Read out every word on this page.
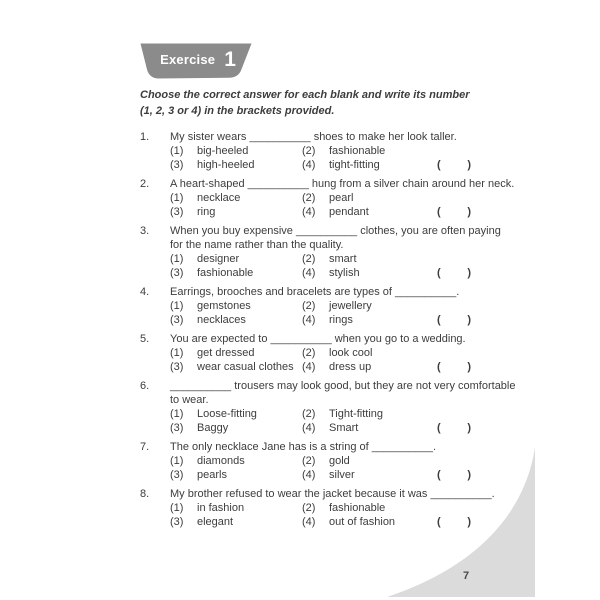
Exercise 1
Choose the correct answer for each blank and write its number
(1, 2, 3 or 4) in the brackets provided.
1.	My sister wears __________ shoes to make her look taller.
(1)	big-heeled	(2)	fashionable
(3)	high-heeled	(4)	tight-fitting	( )
2.	A heart-shaped __________ hung from a silver chain around her neck.
(1)	necklace	(2)	pearl
(3)	ring	(4)	pendant	( )
3.	When you buy expensive __________ clothes, you are often paying
for the name rather than the quality.
(1)	designer	(2)	smart
(3)	fashionable	(4)	stylish	( )
4.	Earrings, brooches and bracelets are types of __________.
(1)	gemstones	(2)	jewellery
(3)	necklaces	(4)	rings	( )
5.	You are expected to __________ when you go to a wedding.
(1)	get dressed	(2)	look cool
(3)	wear casual clothes (4)	dress up	( )
6.	__________ trousers may look good, but they are not very comfortable
to wear.
(1)	Loose-fitting	(2)	Tight-fitting
(3)	Baggy	(4)	Smart	( )
7.	The only necklace Jane has is a string of __________.
(1)	diamonds	(2)	gold
(3)	pearls	(4)	silver	( )
8.	My brother refused to wear the jacket because it was __________.
(1)	in fashion	(2)	fashionable
(3)	elegant	(4)	out of fashion	( )
7
